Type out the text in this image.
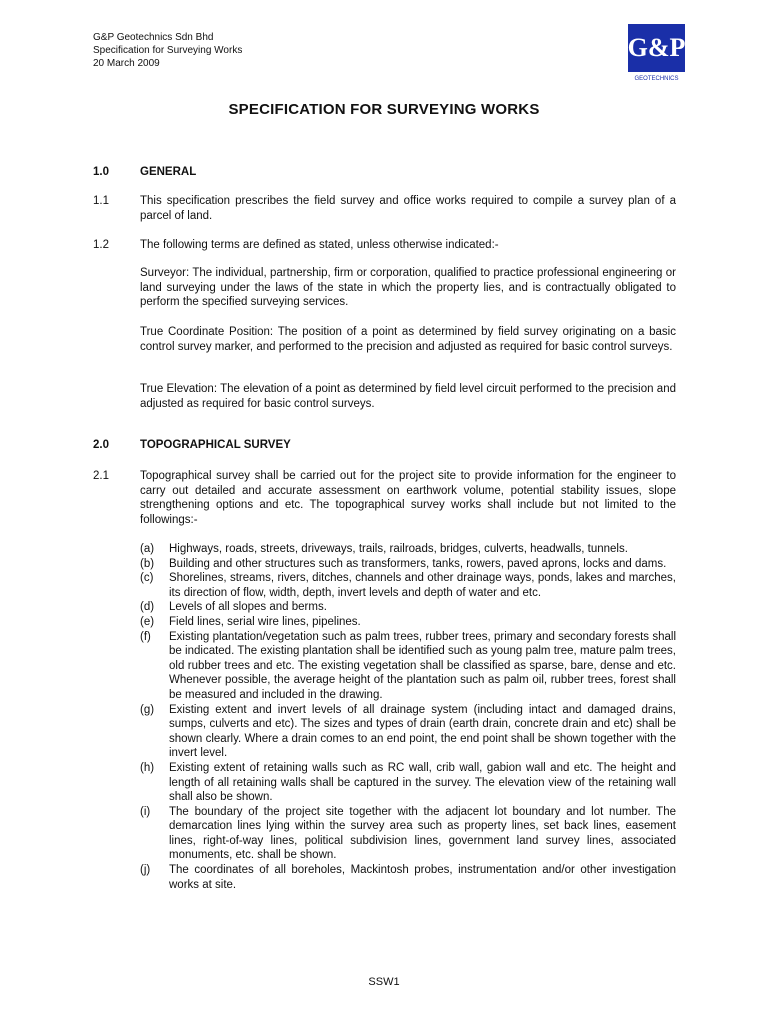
G&P Geotechnics Sdn Bhd
Specification for Surveying Works
20 March 2009
G&P
GEOTECHNICS
SPECIFICATION FOR SURVEYING WORKS
1.0	GENERAL
1.1	This specification prescribes the field survey and office works required to compile a survey plan of a parcel of land.
1.2	The following terms are defined as stated, unless otherwise indicated:-
Surveyor: The individual, partnership, firm or corporation, qualified to practice professional engineering or land surveying under the laws of the state in which the property lies, and is contractually obligated to perform the specified surveying services.
True Coordinate Position: The position of a point as determined by field survey originating on a basic control survey marker, and performed to the precision and adjusted as required for basic control surveys.
True Elevation: The elevation of a point as determined by field level circuit performed to the precision and adjusted as required for basic control surveys.
2.0	TOPOGRAPHICAL SURVEY
2.1	Topographical survey shall be carried out for the project site to provide information for the engineer to carry out detailed and accurate assessment on earthwork volume, potential stability issues, slope strengthening options and etc. The topographical survey works shall include but not limited to the followings:-
(a) Highways, roads, streets, driveways, trails, railroads, bridges, culverts, headwalls, tunnels.
(b) Building and other structures such as transformers, tanks, rowers, paved aprons, locks and dams.
(c) Shorelines, streams, rivers, ditches, channels and other drainage ways, ponds, lakes and marches, its direction of flow, width, depth, invert levels and depth of water and etc.
(d) Levels of all slopes and berms.
(e) Field lines, serial wire lines, pipelines.
(f) Existing plantation/vegetation such as palm trees, rubber trees, primary and secondary forests shall be indicated. The existing plantation shall be identified such as young palm tree, mature palm trees, old rubber trees and etc. The existing vegetation shall be classified as sparse, bare, dense and etc. Whenever possible, the average height of the plantation such as palm oil, rubber trees, forest shall be measured and included in the drawing.
(g) Existing extent and invert levels of all drainage system (including intact and damaged drains, sumps, culverts and etc). The sizes and types of drain (earth drain, concrete drain and etc) shall be shown clearly. Where a drain comes to an end point, the end point shall be shown together with the invert level.
(h) Existing extent of retaining walls such as RC wall, crib wall, gabion wall and etc. The height and length of all retaining walls shall be captured in the survey. The elevation view of the retaining wall shall also be shown.
(i) The boundary of the project site together with the adjacent lot boundary and lot number. The demarcation lines lying within the survey area such as property lines, set back lines, easement lines, right-of-way lines, political subdivision lines, government land survey lines, associated monuments, etc. shall be shown.
(j) The coordinates of all boreholes, Mackintosh probes, instrumentation and/or other investigation works at site.
SSW1
